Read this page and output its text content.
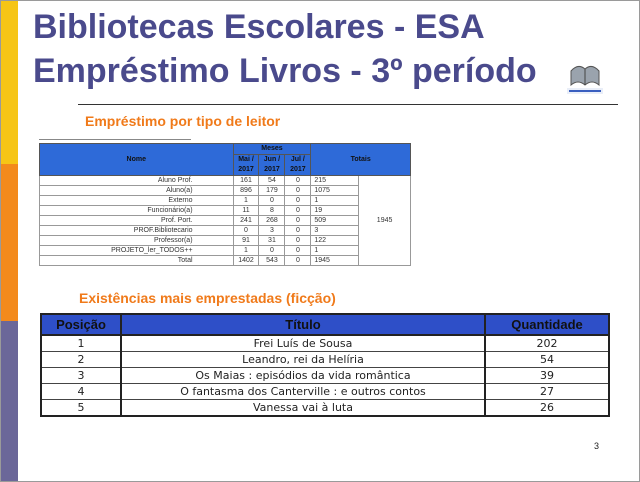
Bibliotecas Escolares - ESA
Empréstimo Livros - 3º período
Empréstimo por tipo de leitor
Nome	Meses			Totais	
	Mai / 2017	Jun / 2017	Jul / 2017		
Aluno Prof.	161	54	0	215	1945
Aluno(a)	896	179	0	1075	
Externo	1	0	0	1	
Funcionário(a)	11	8	0	19	
Prof. Port.	241	268	0	509	
PROF.Bibliotecario	0	3	0	3	
Professor(a)	91	31	0	122	
PROJETO_ler_TODOS++	1	0	0	1	
Total	1402	543	0	1945	
Existências mais emprestadas (ficção)
Posição	Título	Quantidade
1	Frei Luís de Sousa	202
2	Leandro, rei da Helíria	54
3	Os Maias : episódios da vida romântica	39
4	O fantasma dos Canterville : e outros contos	27
5	Vanessa vai à luta	26
3
